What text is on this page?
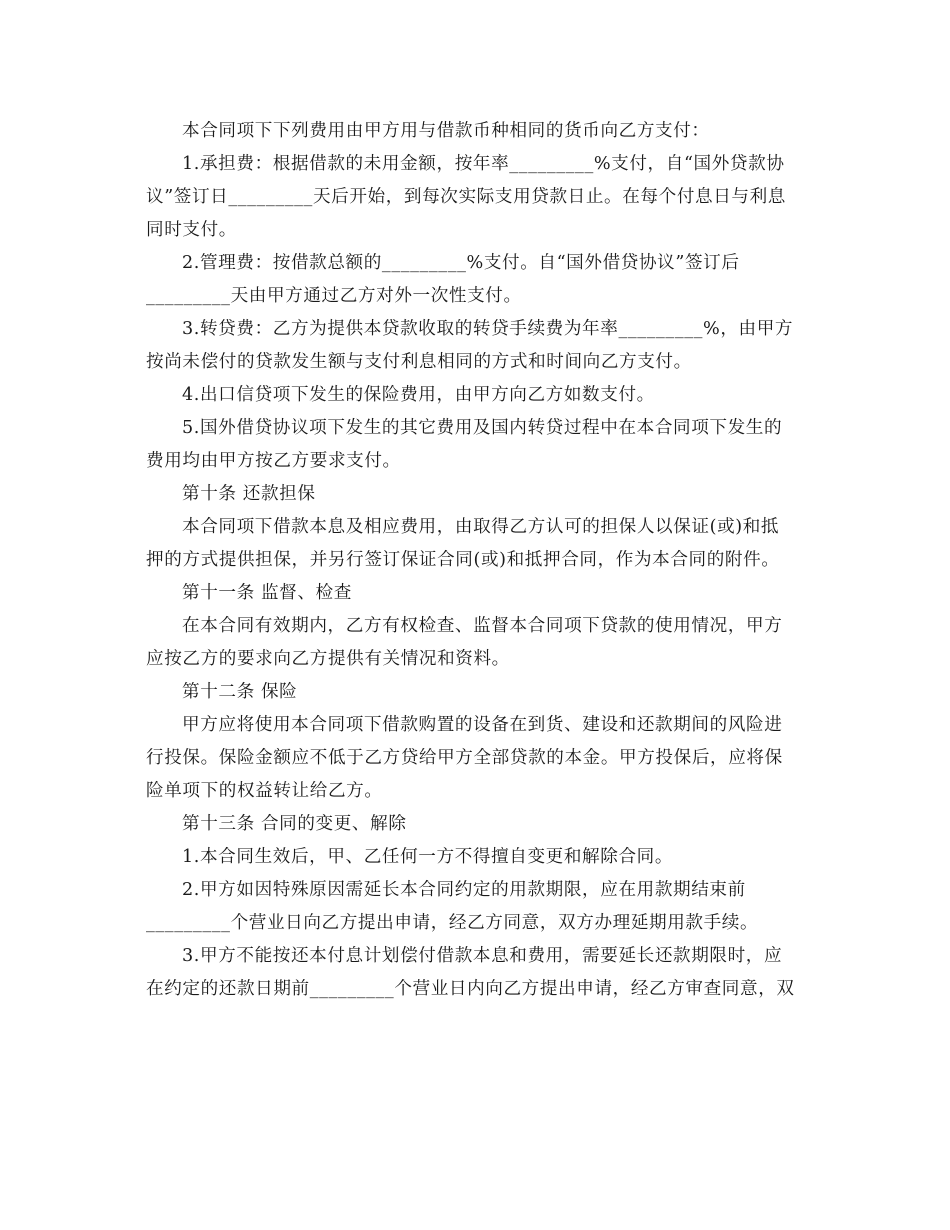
本合同项下下列费用由甲方用与借款币种相同的货币向乙方支付：
1.承担费：根据借款的未用金额，按年率_________%支付，自“国外贷款协
议”签订日_________天后开始，到每次实际支用贷款日止。在每个付息日与利息
同时支付。
2.管理费：按借款总额的_________%支付。自“国外借贷协议”签订后
_________天由甲方通过乙方对外一次性支付。
3.转贷费：乙方为提供本贷款收取的转贷手续费为年率_________%，由甲方
按尚未偿付的贷款发生额与支付利息相同的方式和时间向乙方支付。
4.出口信贷项下发生的保险费用，由甲方向乙方如数支付。
5.国外借贷协议项下发生的其它费用及国内转贷过程中在本合同项下发生的
费用均由甲方按乙方要求支付。
第十条 还款担保
本合同项下借款本息及相应费用，由取得乙方认可的担保人以保证(或)和抵
押的方式提供担保，并另行签订保证合同(或)和抵押合同，作为本合同的附件。
第十一条 监督、检查
在本合同有效期内，乙方有权检查、监督本合同项下贷款的使用情况，甲方
应按乙方的要求向乙方提供有关情况和资料。
第十二条 保险
甲方应将使用本合同项下借款购置的设备在到货、建设和还款期间的风险进
行投保。保险金额应不低于乙方贷给甲方全部贷款的本金。甲方投保后，应将保
险单项下的权益转让给乙方。
第十三条 合同的变更、解除
1.本合同生效后，甲、乙任何一方不得擅自变更和解除合同。
2.甲方如因特殊原因需延长本合同约定的用款期限，应在用款期结束前
_________个营业日向乙方提出申请，经乙方同意，双方办理延期用款手续。
3.甲方不能按还本付息计划偿付借款本息和费用，需要延长还款期限时，应
在约定的还款日期前_________个营业日内向乙方提出申请，经乙方审查同意，双
